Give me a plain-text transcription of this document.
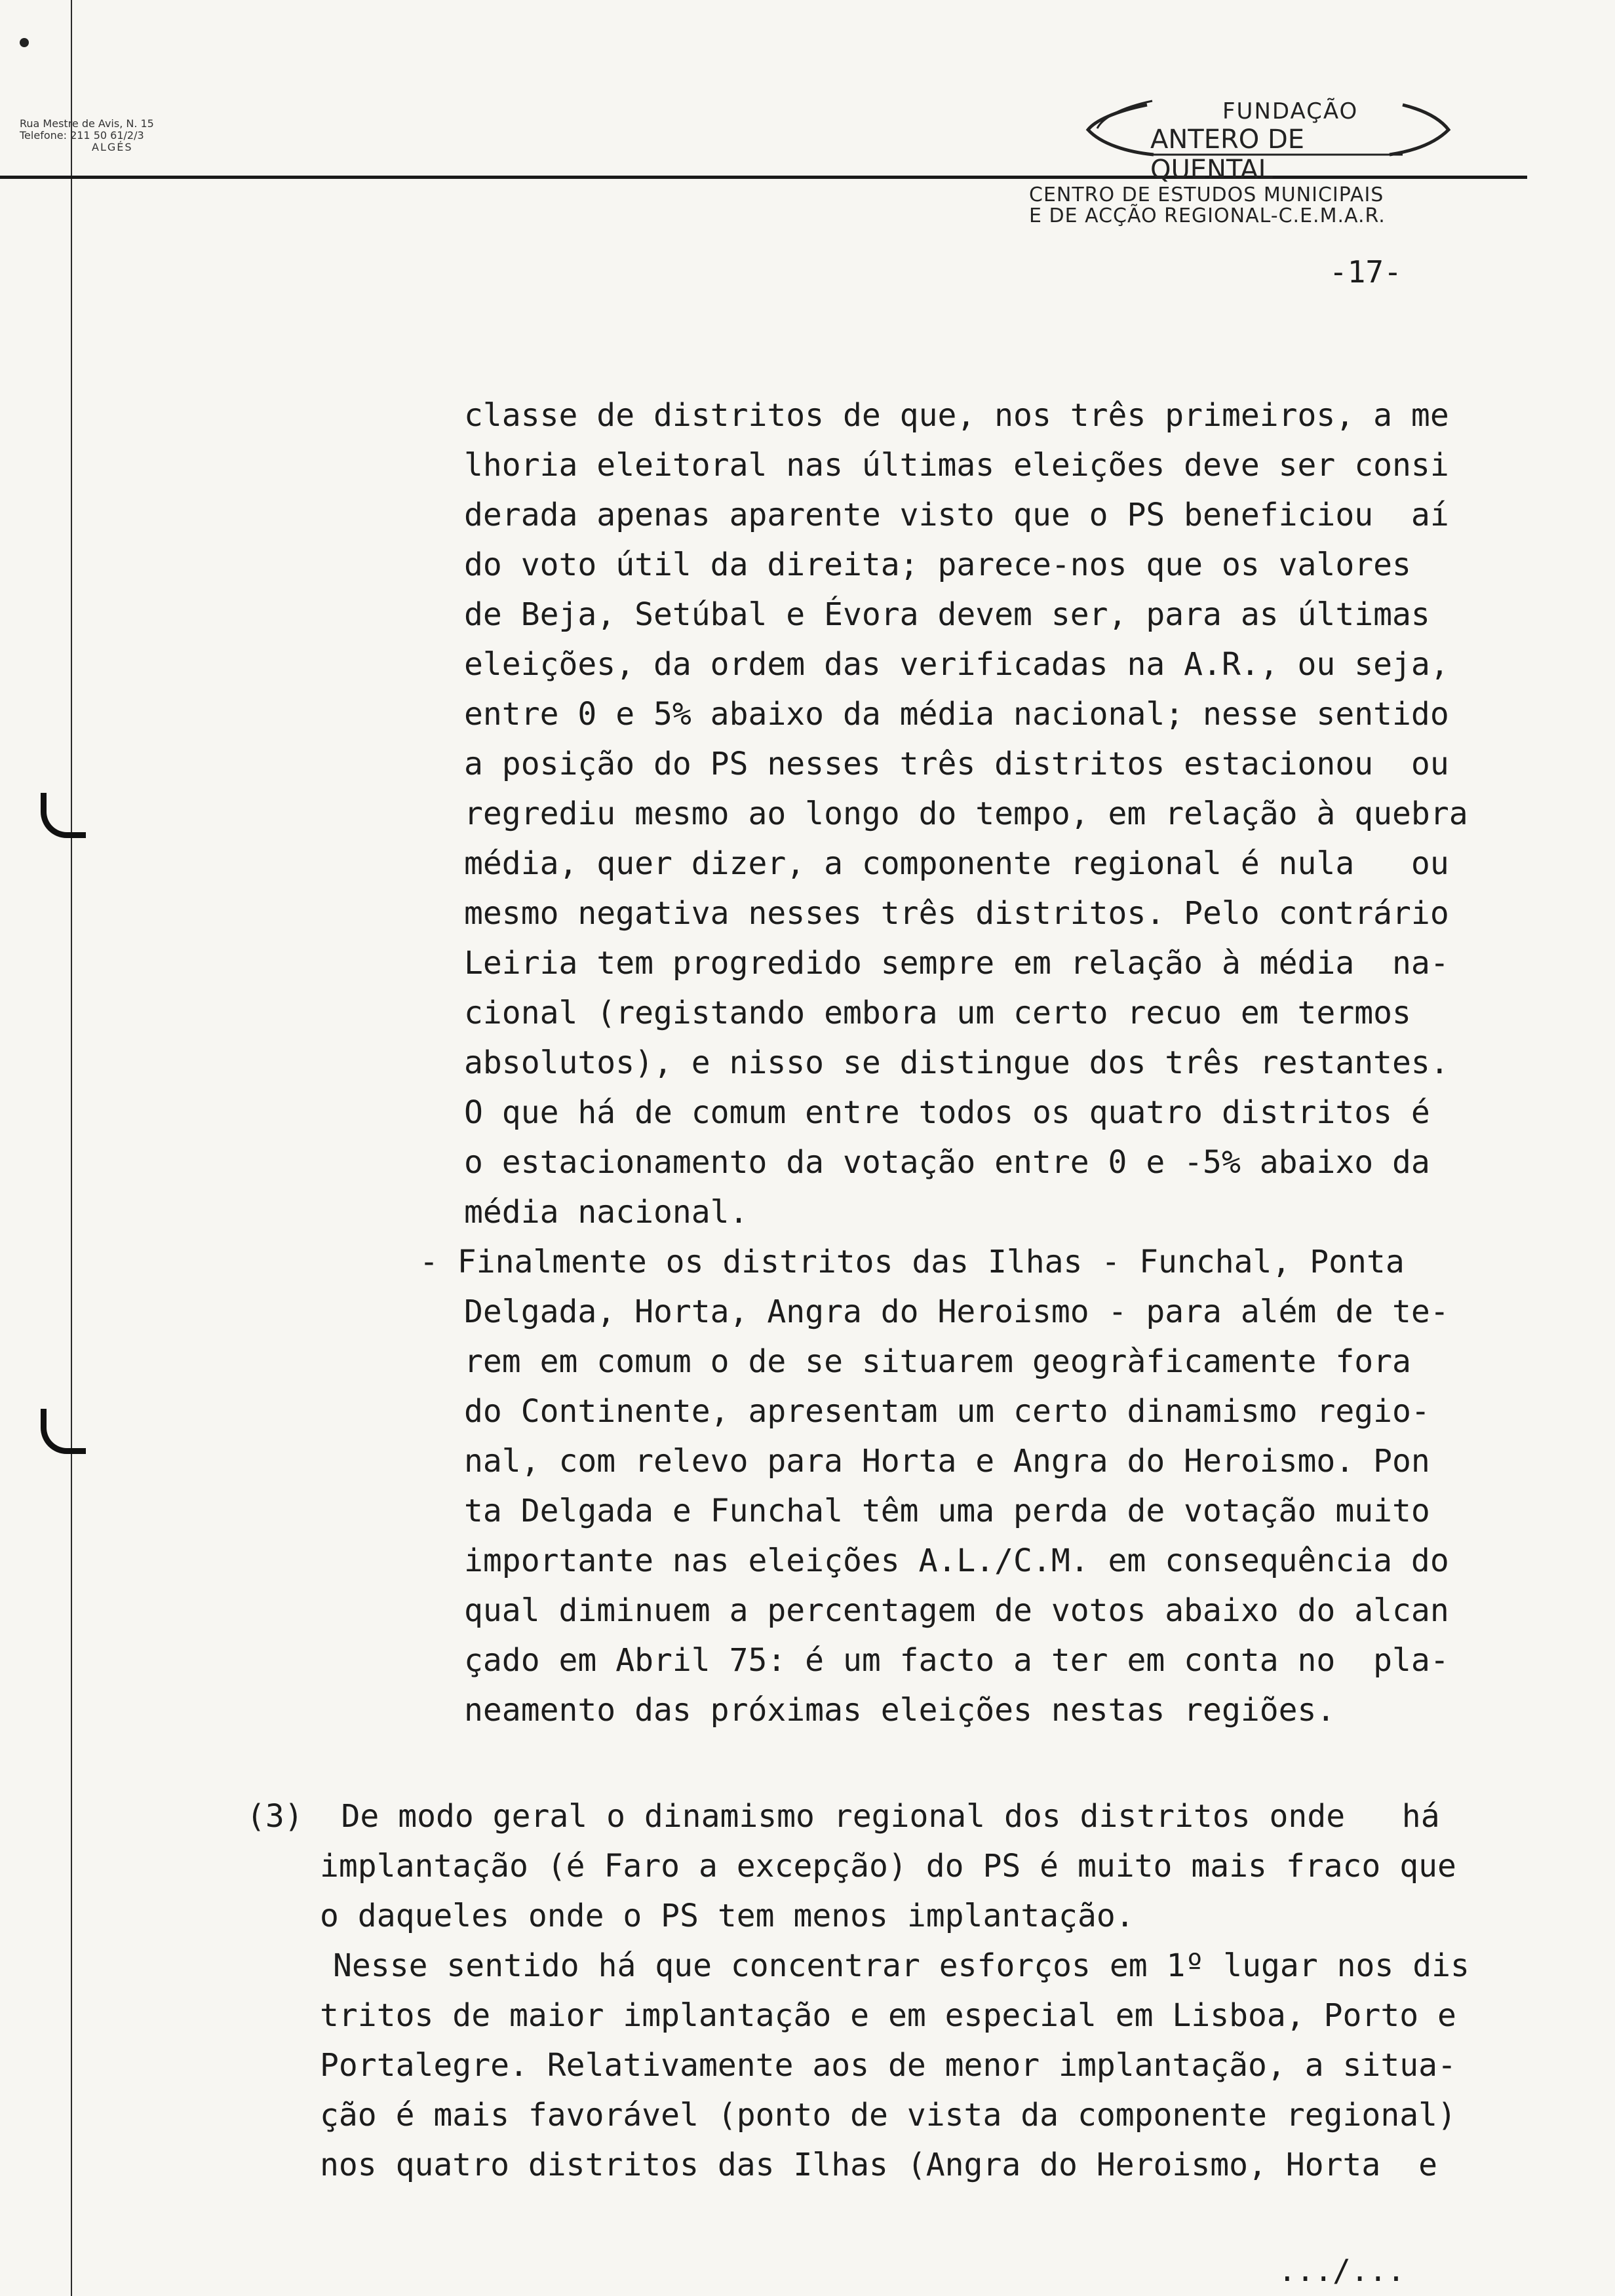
Rua Mestre de Avis, N. 15
Telefone: 211 50 61/2/3
ALGÉS
FUNDAÇÃO
ANTERO DE QUENTAL
CENTRO DE ESTUDOS MUNICIPAIS
E DE ACÇÃO REGIONAL-C.E.M.A.R.
-17-
classe de distritos de que, nos três primeiros, a me
lhoria eleitoral nas últimas eleições deve ser consi
derada apenas aparente visto que o PS beneficiou  aí
do voto útil da direita; parece-nos que os valores
de Beja, Setúbal e Évora devem ser, para as últimas
eleições, da ordem das verificadas na A.R., ou seja,
entre 0 e 5% abaixo da média nacional; nesse sentido
a posição do PS nesses três distritos estacionou  ou
regrediu mesmo ao longo do tempo, em relação à quebra
média, quer dizer, a componente regional é nula   ou
mesmo negativa nesses três distritos. Pelo contrário
Leiria tem progredido sempre em relação à média  na-
cional (registando embora um certo recuo em termos
absolutos), e nisso se distingue dos três restantes.
O que há de comum entre todos os quatro distritos é
o estacionamento da votação entre 0 e -5% abaixo da
média nacional.
- Finalmente os distritos das Ilhas - Funchal, Ponta
Delgada, Horta, Angra do Heroismo - para além de te-
rem em comum o de se situarem geogràficamente fora
do Continente, apresentam um certo dinamismo regio-
nal, com relevo para Horta e Angra do Heroismo. Pon
ta Delgada e Funchal têm uma perda de votação muito
importante nas eleições A.L./C.M. em consequência do
qual diminuem a percentagem de votos abaixo do alcan
çado em Abril 75: é um facto a ter em conta no  pla-
neamento das próximas eleições nestas regiões.
(3)  De modo geral o dinamismo regional dos distritos onde   há
implantação (é Faro a excepção) do PS é muito mais fraco que
o daqueles onde o PS tem menos implantação.
Nesse sentido há que concentrar esforços em 1º lugar nos dis
tritos de maior implantação e em especial em Lisboa, Porto e
Portalegre. Relativamente aos de menor implantação, a situa-
ção é mais favorável (ponto de vista da componente regional)
nos quatro distritos das Ilhas (Angra do Heroismo, Horta  e
.../...
